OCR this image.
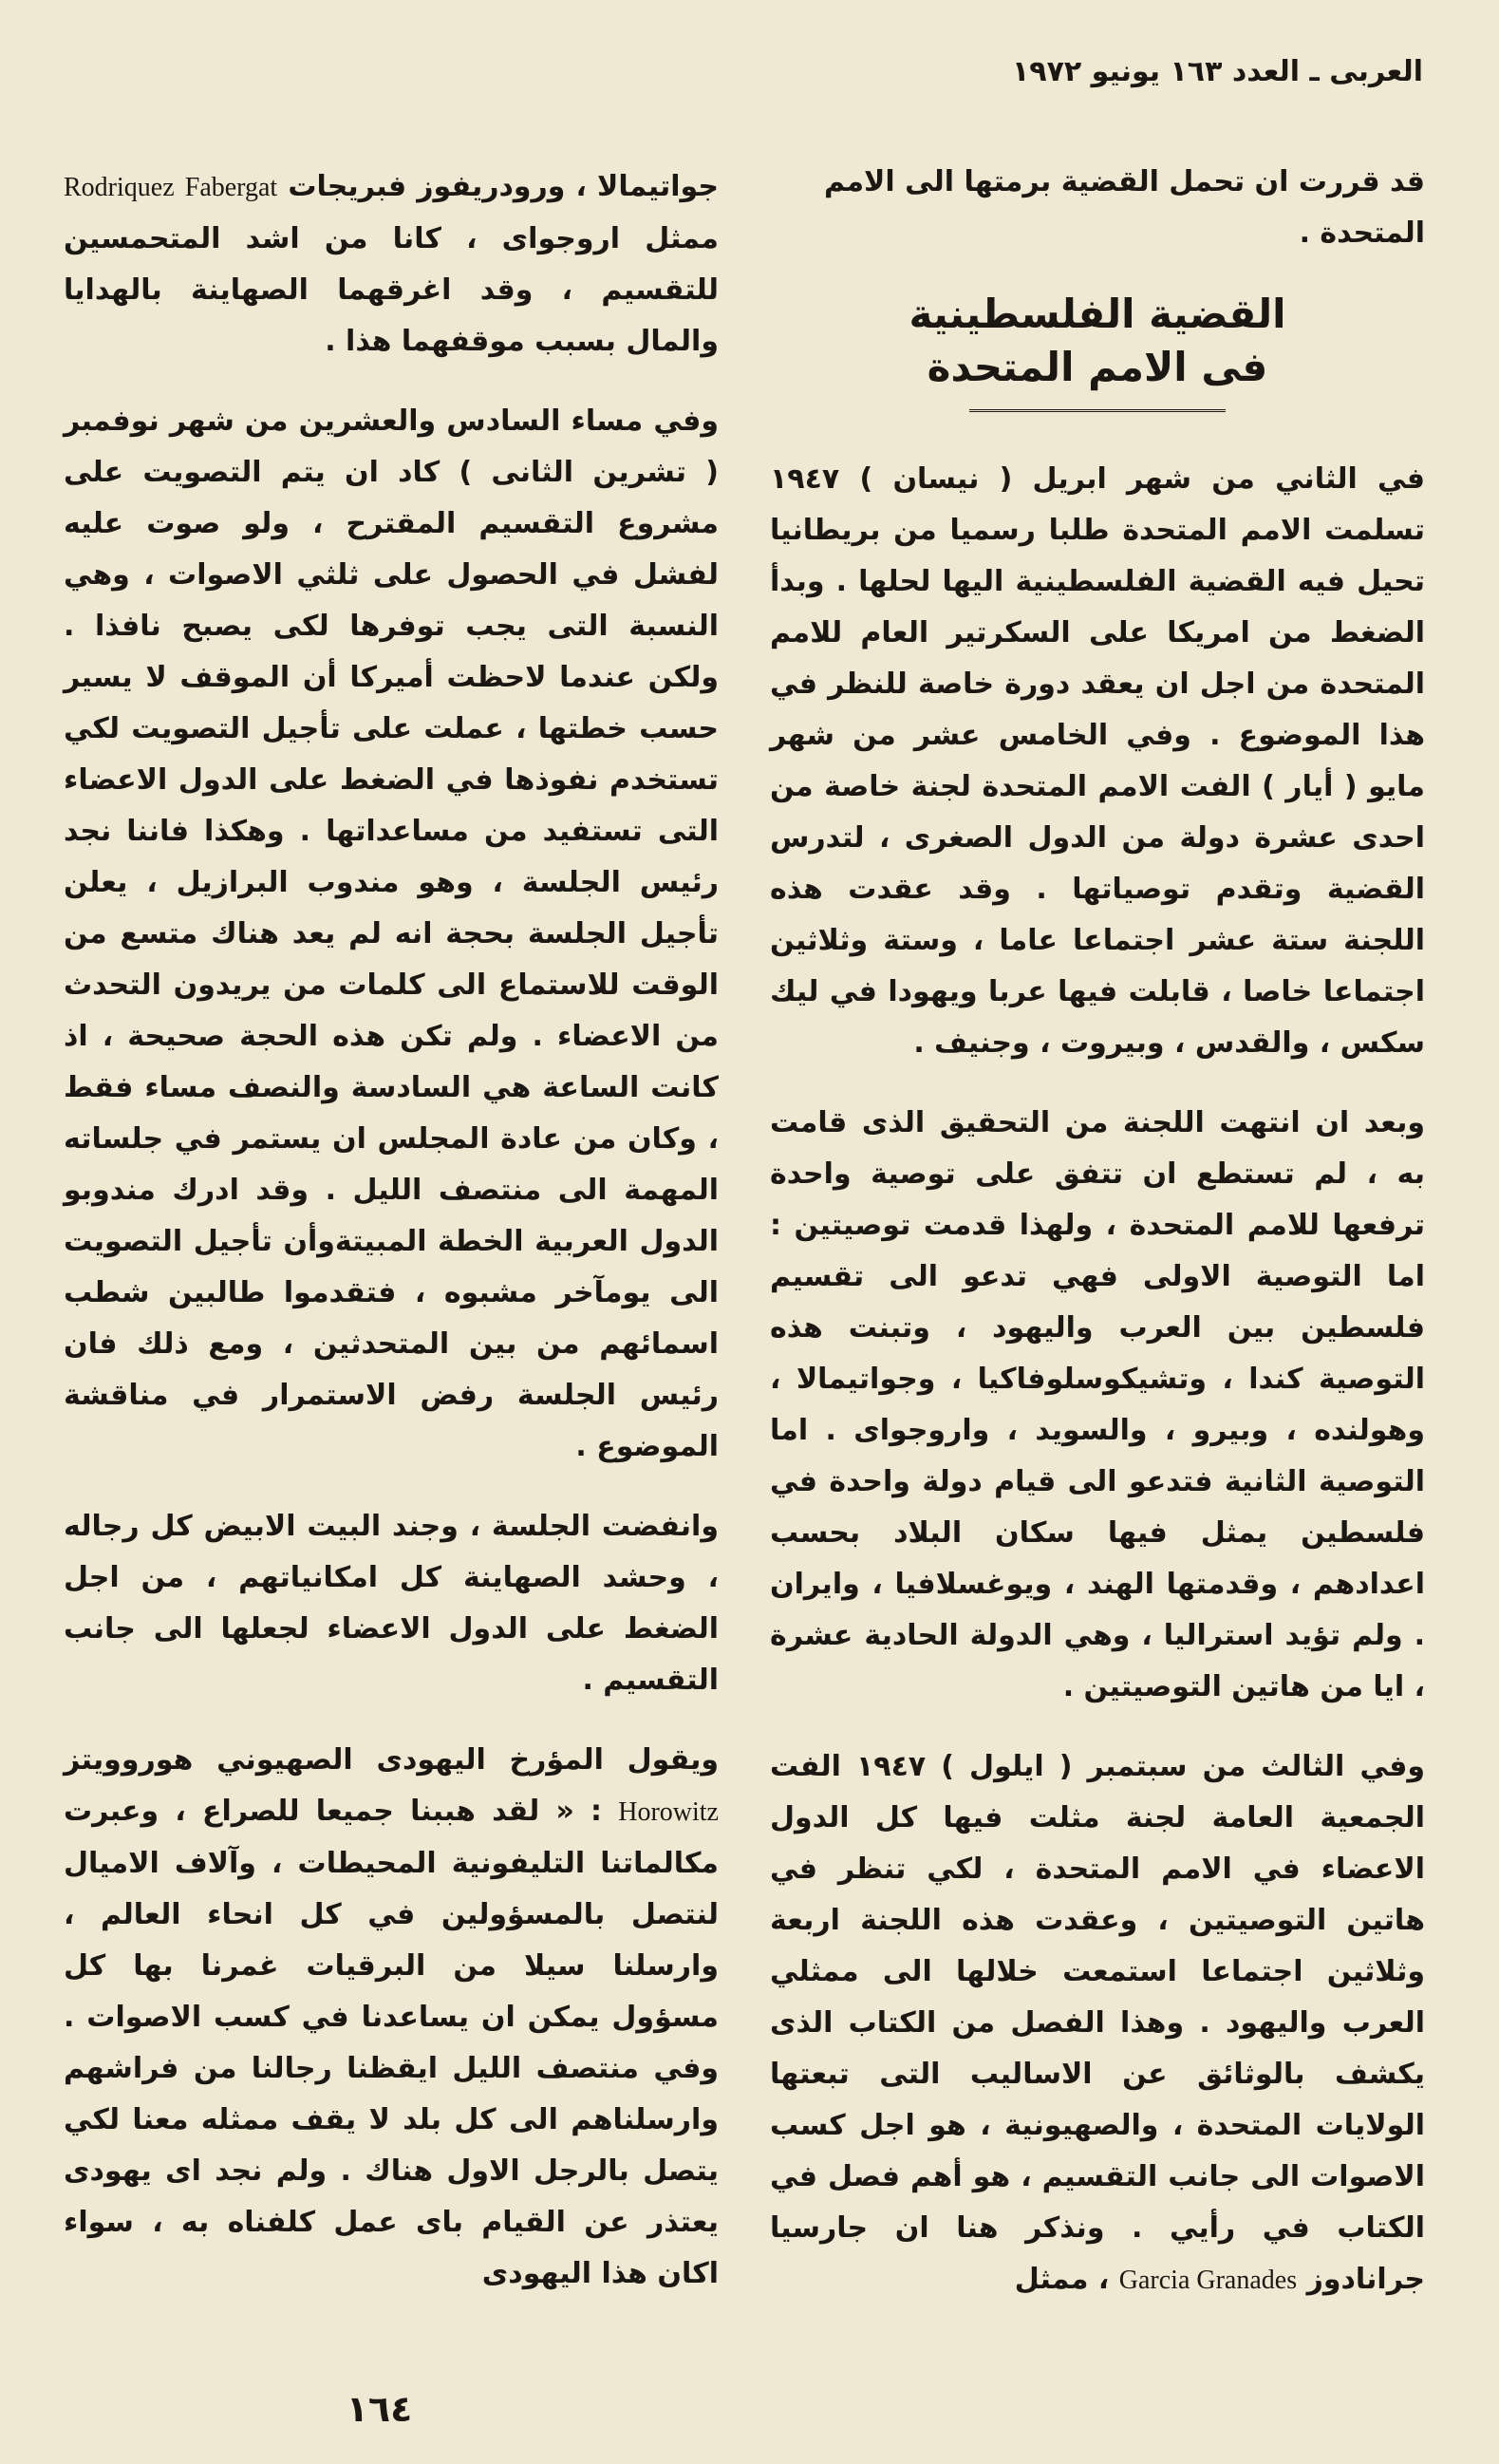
العربى ـ العدد ١٦٣ يونيو ١٩٧٢

قد قررت ان تحمل القضية برمتها الى الامم
المتحدة .

القضية الفلسطينية
فى الامم المتحدة

في الثاني من شهر ابريل ( نيسان ) ١٩٤٧ تسلمت الامم المتحدة طلبا رسميا من بريطانيا تحيل فيه القضية الفلسطينية اليها لحلها . وبدأ الضغط من امريكا على السكرتير العام للامم المتحدة من اجل ان يعقد دورة خاصة للنظر في هذا الموضوع . وفي الخامس عشر من شهر مايو ( أيار ) الفت الامم المتحدة لجنة خاصة من احدى عشرة دولة من الدول الصغرى ، لتدرس القضية وتقدم توصياتها . وقد عقدت هذه اللجنة ستة عشر اجتماعا عاما ، وستة وثلاثين اجتماعا خاصا ، قابلت فيها عربا ويهودا في ليك سكس ، والقدس ، وبيروت ، وجنيف .

وبعد ان انتهت اللجنة من التحقيق الذى قامت به ، لم تستطع ان تتفق على توصية واحدة ترفعها للامم المتحدة ، ولهذا قدمت توصيتين : اما التوصية الاولى فهي تدعو الى تقسيم فلسطين بين العرب واليهود ، وتبنت هذه التوصية كندا ، وتشيكوسلوفاكيا ، وجواتيمالا ، وهولنده ، وبيرو ، والسويد ، واروجواى . اما التوصية الثانية فتدعو الى قيام دولة واحدة في فلسطين يمثل فيها سكان البلاد بحسب اعدادهم ، وقدمتها الهند ، ويوغسلافيا ، وايران . ولم تؤيد استراليا ، وهي الدولة الحادية عشرة ، ايا من هاتين التوصيتين .

وفي الثالث من سبتمبر ( ايلول ) ١٩٤٧ الفت الجمعية العامة لجنة مثلت فيها كل الدول الاعضاء في الامم المتحدة ، لكي تنظر في هاتين التوصيتين ، وعقدت هذه اللجنة اربعة وثلاثين اجتماعا استمعت خلالها الى ممثلي العرب واليهود . وهذا الفصل من الكتاب الذى يكشف بالوثائق عن الاساليب التى تبعتها الولايات المتحدة ، والصهيونية ، هو اجل كسب الاصوات الى جانب التقسيم ، هو أهم فصل في الكتاب في رأيي . ونذكر هنا ان جارسيا جرانادوز Garcia Granades ، ممثل

جواتيمالا ، ورودريفوز فبريجات Rodriquez Fabergat ممثل اروجواى ، كانا من اشد المتحمسين للتقسيم ، وقد اغرقهما الصهاينة بالهدايا والمال بسبب موقفهما هذا .

وفي مساء السادس والعشرين من شهر نوفمبر ( تشرين الثانى ) كاد ان يتم التصويت على مشروع التقسيم المقترح ، ولو صوت عليه لفشل في الحصول على ثلثي الاصوات ، وهي النسبة التى يجب توفرها لكى يصبح نافذا . ولكن عندما لاحظت أميركا أن الموقف لا يسير حسب خطتها ، عملت على تأجيل التصويت لكي تستخدم نفوذها في الضغط على الدول الاعضاء التى تستفيد من مساعداتها . وهكذا فاننا نجد رئيس الجلسة ، وهو مندوب البرازيل ، يعلن تأجيل الجلسة بحجة انه لم يعد هناك متسع من الوقت للاستماع الى كلمات من يريدون التحدث من الاعضاء . ولم تكن هذه الحجة صحيحة ، اذ كانت الساعة هي السادسة والنصف مساء فقط ، وكان من عادة المجلس ان يستمر في جلساته المهمة الى منتصف الليل . وقد ادرك مندوبو الدول العربية الخطة المبيتةوأن تأجيل التصويت الى يومآخر مشبوه ، فتقدموا طالبين شطب اسمائهم من بين المتحدثين ، ومع ذلك فان رئيس الجلسة رفض الاستمرار في مناقشة الموضوع .

وانفضت الجلسة ، وجند البيت الابيض كل رجاله ، وحشد الصهاينة كل امكانياتهم ، من اجل الضغط على الدول الاعضاء لجعلها الى جانب التقسيم .

ويقول المؤرخ اليهودى الصهيوني هوروويتز Horowitz : « لقد هببنا جميعا للصراع ، وعبرت مكالماتنا التليفونية المحيطات ، وآلاف الاميال لنتصل بالمسؤولين في كل انحاء العالم ، وارسلنا سيلا من البرقيات غمرنا بها كل مسؤول يمكن ان يساعدنا في كسب الاصوات . وفي منتصف الليل ايقظنا رجالنا من فراشهم وارسلناهم الى كل بلد لا يقف ممثله معنا لكي يتصل بالرجل الاول هناك . ولم نجد اى يهودى يعتذر عن القيام باى عمل كلفناه به ، سواء اكان هذا اليهودى

١٦٤
